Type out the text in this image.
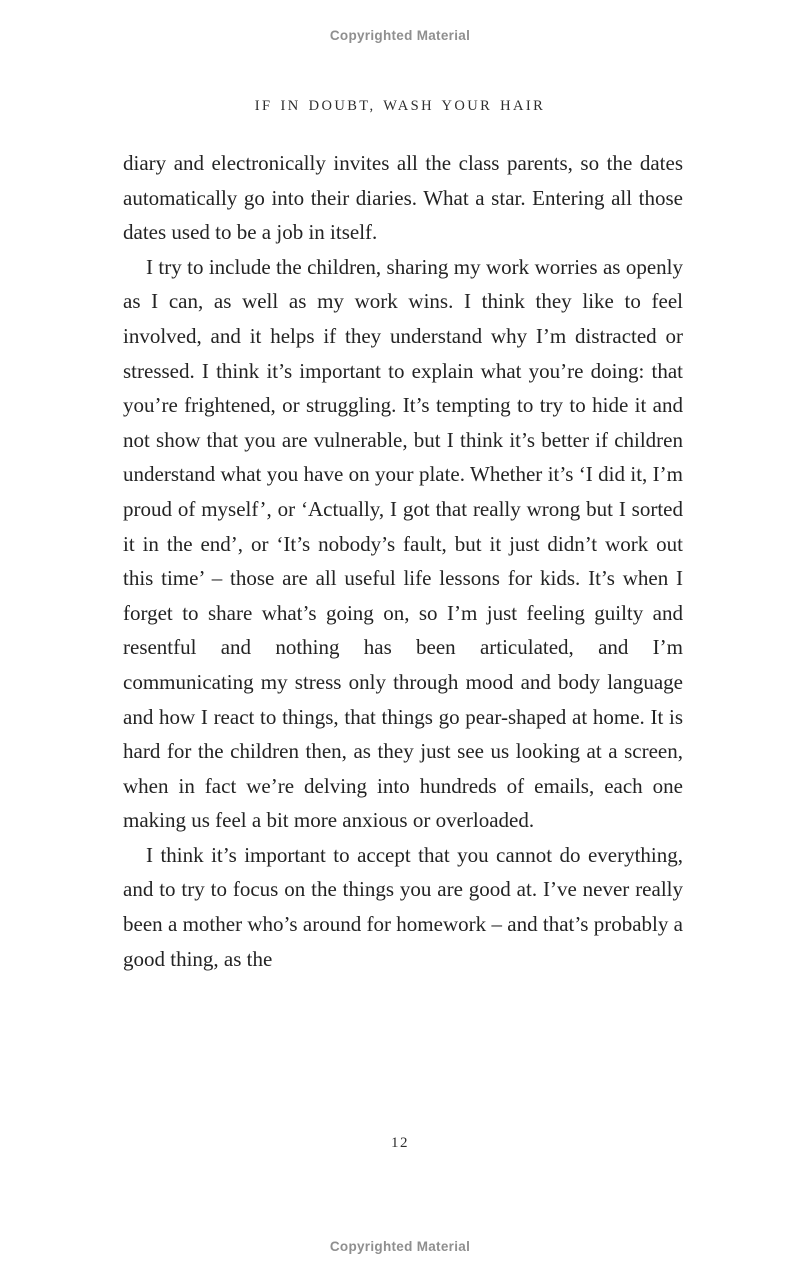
Copyrighted Material
IF IN DOUBT, WASH YOUR HAIR

diary and electronically invites all the class parents, so the dates automatically go into their diaries. What a star. Entering all those dates used to be a job in itself.

I try to include the children, sharing my work worries as openly as I can, as well as my work wins. I think they like to feel involved, and it helps if they understand why I’m distracted or stressed. I think it’s important to explain what you’re doing: that you’re frightened, or struggling. It’s tempting to try to hide it and not show that you are vulnerable, but I think it’s better if children understand what you have on your plate. Whether it’s ‘I did it, I’m proud of myself’, or ‘Actually, I got that really wrong but I sorted it in the end’, or ‘It’s nobody’s fault, but it just didn’t work out this time’ – those are all useful life lessons for kids. It’s when I forget to share what’s going on, so I’m just feeling guilty and resentful and nothing has been articulated, and I’m communicating my stress only through mood and body language and how I react to things, that things go pear-shaped at home. It is hard for the children then, as they just see us looking at a screen, when in fact we’re delving into hundreds of emails, each one making us feel a bit more anxious or overloaded.

I think it’s important to accept that you cannot do everything, and to try to focus on the things you are good at. I’ve never really been a mother who’s around for homework – and that’s probably a good thing, as the

12
Copyrighted Material
